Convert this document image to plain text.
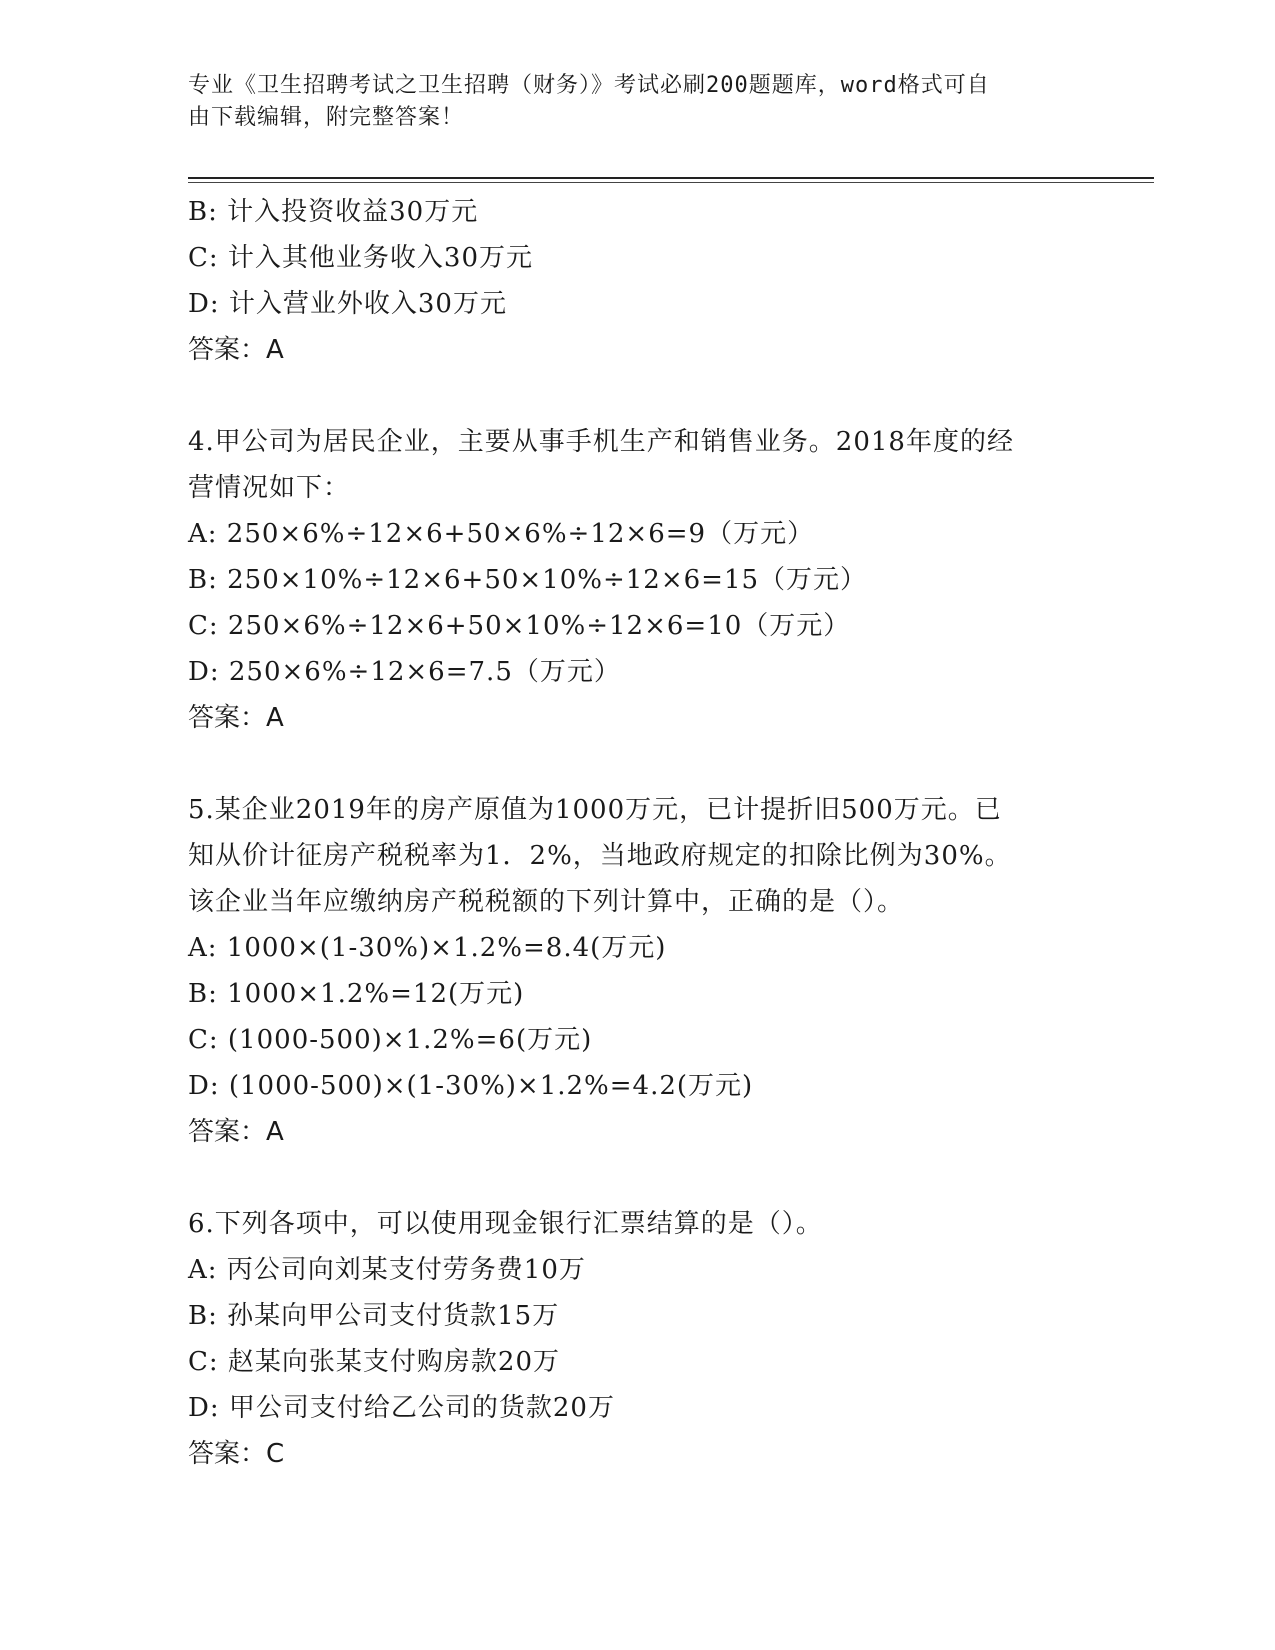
专业《卫生招聘考试之卫生招聘（财务）》考试必刷200题题库，word格式可自
由下载编辑，附完整答案！
B: 计入投资收益30万元
C: 计入其他业务收入30万元
D: 计入营业外收入30万元
答案：A
4.甲公司为居民企业，主要从事手机生产和销售业务。2018年度的经
营情况如下：
A: 250×6%÷12×6+50×6%÷12×6=9（万元）
B: 250×10%÷12×6+50×10%÷12×6=15（万元）
C: 250×6%÷12×6+50×10%÷12×6=10（万元）
D: 250×6%÷12×6=7.5（万元）
答案：A
5.某企业2019年的房产原值为1000万元，已计提折旧500万元。已
知从价计征房产税税率为1．2%，当地政府规定的扣除比例为30%。
该企业当年应缴纳房产税税额的下列计算中，正确的是（）。
A: 1000×(1-30%)×1.2%=8.4(万元)
B: 1000×1.2%=12(万元)
C: (1000-500)×1.2%=6(万元)
D: (1000-500)×(1-30%)×1.2%=4.2(万元)
答案：A
6.下列各项中，可以使用现金银行汇票结算的是（）。
A: 丙公司向刘某支付劳务费10万
B: 孙某向甲公司支付货款15万
C: 赵某向张某支付购房款20万
D: 甲公司支付给乙公司的货款20万
答案：C
